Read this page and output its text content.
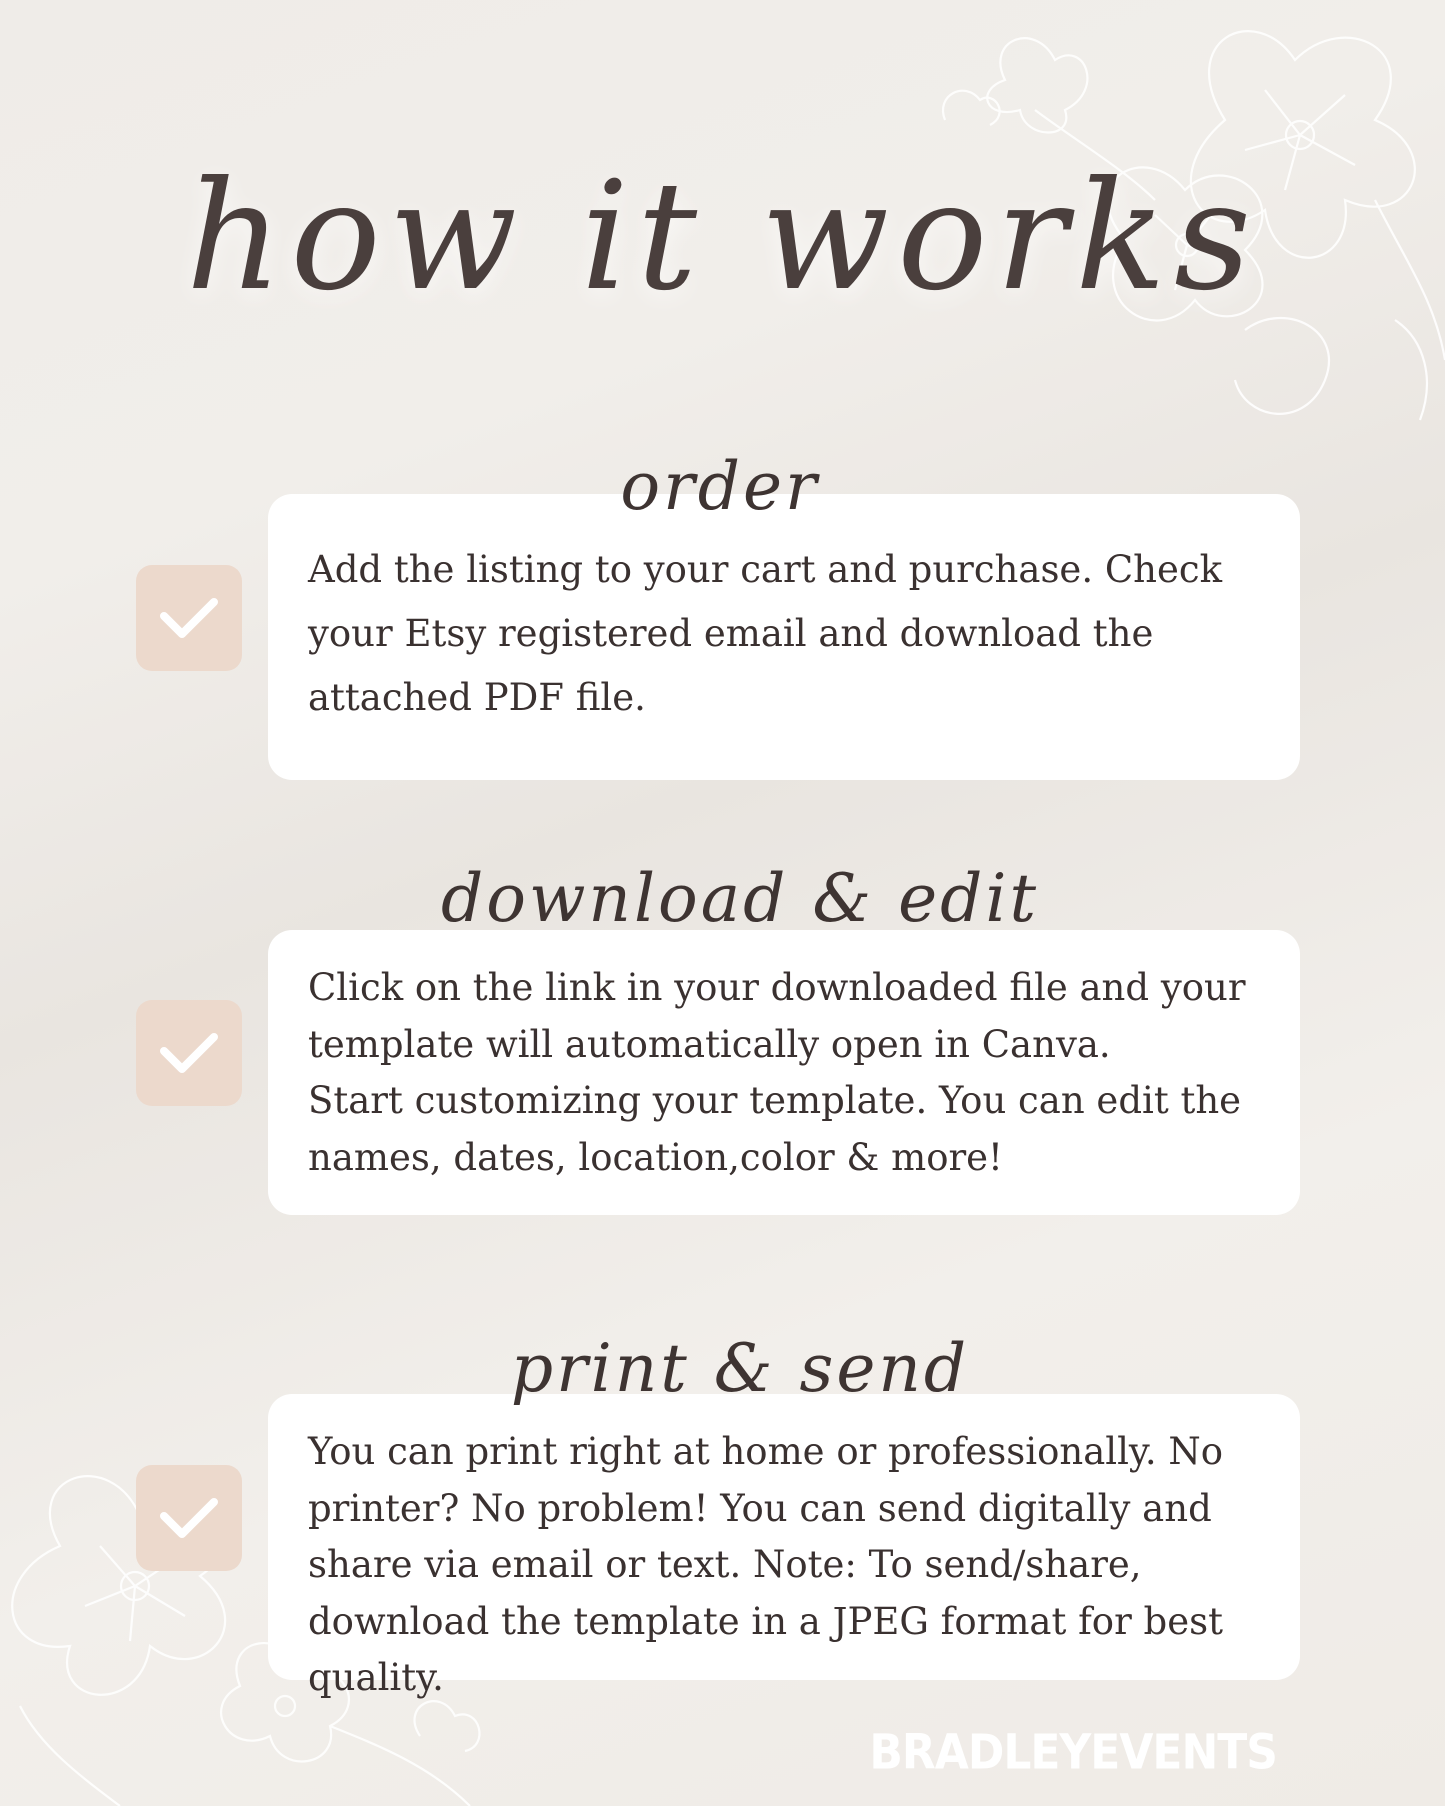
how it works
order

Add the listing to your cart and purchase. Check your Etsy registered email and download the attached PDF file.

download & edit

Click on the link in your downloaded file and your template will automatically open in Canva.
Start customizing your template. You can edit the names, dates, location,color & more!

print & send

You can print right at home or professionally. No printer? No problem! You can send digitally and share via email or text. Note: To send/share, download the template in a JPEG format for best quality.

BRADLEYEVENTS
